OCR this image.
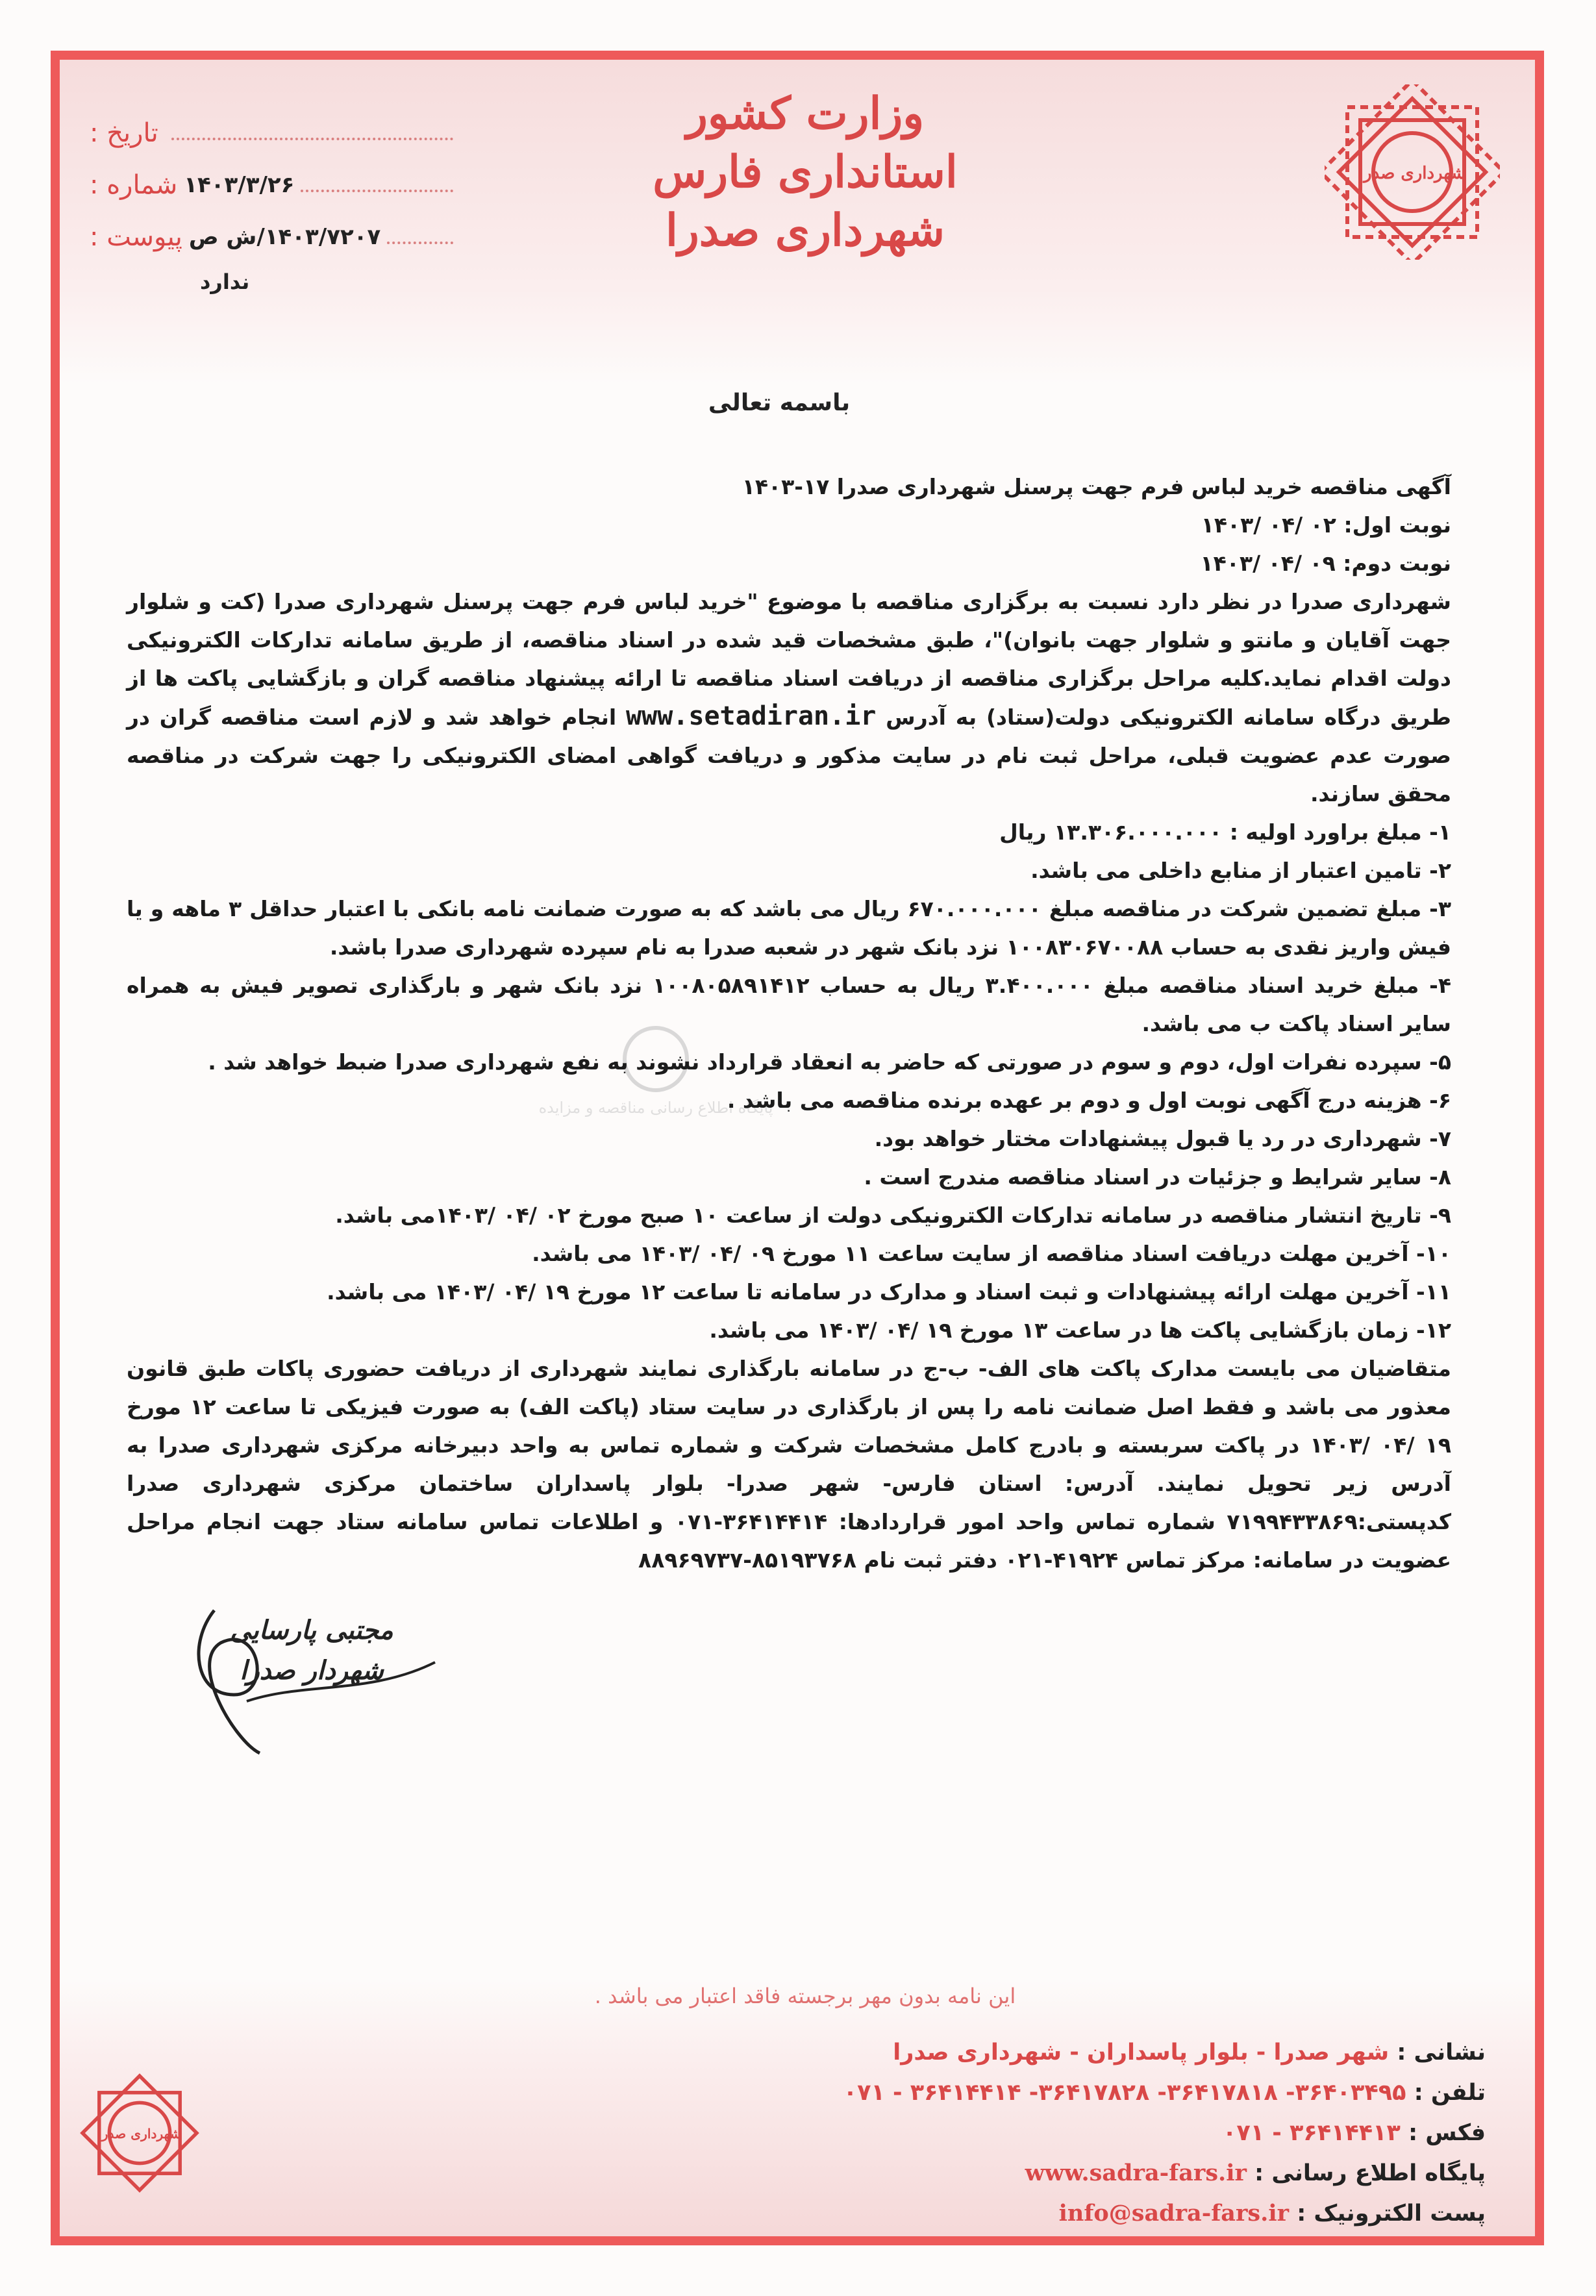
شهرداری صدرا
وزارت کشور
استانداری فارس
شهرداری صدرا
تاریخ :
شماره : ۱۴۰۳/۳/۲۶
پیوست : ۱۴۰۳/۷۲۰۷/ش ص
ندارد
باسمه تعالی
پایگاه اطلاع رسانی مناقصه و مزایده

آگهی مناقصه خرید لباس فرم جهت پرسنل شهرداری صدرا ۱۷-۱۴۰۳

نوبت اول: ۰۲ /۰۴ /۱۴۰۳

نوبت دوم: ۰۹ /۰۴ /۱۴۰۳

شهرداری صدرا در نظر دارد نسبت به برگزاری مناقصه با موضوع "خرید لباس فرم جهت پرسنل شهرداری صدرا (کت و شلوار جهت آقایان و مانتو و شلوار جهت بانوان)"، طبق مشخصات قید شده در اسناد مناقصه، از طریق سامانه تدارکات الکترونیکی دولت اقدام نماید.کلیه مراحل برگزاری مناقصه از دریافت اسناد مناقصه تا ارائه پیشنهاد مناقصه گران و بازگشایی پاکت ها از طریق درگاه سامانه الکترونیکی دولت(ستاد) به آدرس www.setadiran.ir انجام خواهد شد و لازم است مناقصه گران در صورت عدم عضویت قبلی، مراحل ثبت نام در سایت مذکور و دریافت گواهی امضای الکترونیکی را جهت شرکت در مناقصه محقق سازند.

۱- مبلغ براورد اولیه : ۱۳.۳۰۶.۰۰۰.۰۰۰ ریال

۲- تامین اعتبار از منابع داخلی می باشد.

۳- مبلغ تضمین شرکت در مناقصه مبلغ ۶۷۰.۰۰۰.۰۰۰ ریال می باشد که به صورت ضمانت نامه بانکی با اعتبار حداقل ۳ ماهه و یا فیش واریز نقدی به حساب ۱۰۰۸۳۰۶۷۰۰۸۸ نزد بانک شهر در شعبه صدرا به نام سپرده شهرداری صدرا باشد.

۴- مبلغ خرید اسناد مناقصه مبلغ ۳.۴۰۰.۰۰۰ ریال به حساب ۱۰۰۸۰۵۸۹۱۴۱۲ نزد بانک شهر و بارگذاری تصویر فیش به همراه سایر اسناد پاکت ب می باشد.

۵- سپرده نفرات اول، دوم و سوم در صورتی که حاضر به انعقاد قرارداد نشوند به نفع شهرداری صدرا ضبط خواهد شد .

۶- هزینه درج آگهی نوبت اول و دوم بر عهده برنده مناقصه می باشد .

۷- شهرداری در رد یا قبول پیشنهادات مختار خواهد بود.

۸- سایر شرایط و جزئیات در اسناد مناقصه مندرج است .

۹- تاریخ انتشار مناقصه در سامانه تدارکات الکترونیکی دولت از ساعت ۱۰ صبح مورخ ۰۲ /۰۴ /۱۴۰۳می باشد.

۱۰- آخرین مهلت دریافت اسناد مناقصه از سایت ساعت ۱۱ مورخ ۰۹ /۰۴ /۱۴۰۳ می باشد.

۱۱- آخرین مهلت ارائه پیشنهادات و ثبت اسناد و مدارک در سامانه تا ساعت ۱۲ مورخ ۱۹ /۰۴ /۱۴۰۳ می باشد.

۱۲- زمان بازگشایی پاکت ها در ساعت ۱۳ مورخ ۱۹ /۰۴ /۱۴۰۳ می باشد.

متقاضیان می بایست مدارک پاکت های الف- ب-ج در سامانه بارگذاری نمایند شهرداری از دریافت حضوری پاکات طبق قانون معذور می باشد و فقط اصل ضمانت نامه را پس از بارگذاری در سایت ستاد (پاکت الف) به صورت فیزیکی تا ساعت ۱۲ مورخ ۱۹ /۰۴ /۱۴۰۳ در پاکت سربسته و بادرج کامل مشخصات شرکت و شماره تماس به واحد دبیرخانه مرکزی شهرداری صدرا به آدرس زیر تحویل نمایند. آدرس: استان فارس- شهر صدرا- بلوار پاسداران ساختمان مرکزی شهرداری صدرا کدپستی:۷۱۹۹۴۳۳۸۶۹ شماره تماس واحد امور قراردادها: ۳۶۴۱۴۴۱۴-۰۷۱ و اطلاعات تماس سامانه ستاد جهت انجام مراحل عضویت در سامانه: مرکز تماس ۴۱۹۲۴-۰۲۱ دفتر ثبت نام ۸۵۱۹۳۷۶۸-۸۸۹۶۹۷۳۷

مجتبی پارسایی
شهردار صدرا
این نامه بدون مهر برجسته فاقد اعتبار می باشد .
شهرداری صدرا
نشانی : شهر صدرا - بلوار پاسداران - شهرداری صدرا
تلفن : ۳۶۴۰۳۴۹۵- ۳۶۴۱۷۸۱۸- ۳۶۴۱۷۸۲۸- ۳۶۴۱۴۴۱۴ - ۰۷۱
فکس : ۳۶۴۱۴۴۱۳ - ۰۷۱
پایگاه اطلاع رسانی : www.sadra-fars.ir
پست الکترونیک : info@sadra-fars.ir
